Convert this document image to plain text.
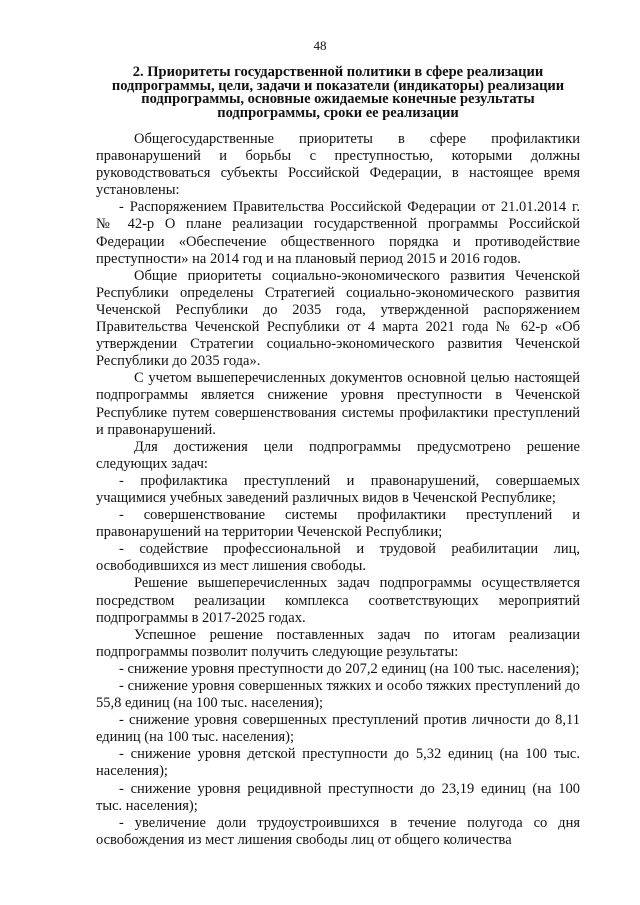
48
2. Приоритеты государственной политики в сфере реализации подпрограммы, цели, задачи и показатели (индикаторы) реализации подпрограммы, основные ожидаемые конечные результаты подпрограммы, сроки ее реализации

Общегосударственные приоритеты в сфере профилактики правонарушений и борьбы с преступностью, которыми должны руководствоваться субъекты Российской Федерации, в настоящее время установлены:

- Распоряжением Правительства Российской Федерации от 21.01.2014 г. № 42-р О плане реализации государственной программы Российской Федерации «Обеспечение общественного порядка и противодействие преступности» на 2014 год и на плановый период 2015 и 2016 годов.

Общие приоритеты социально-экономического развития Чеченской Республики определены Стратегией социально-экономического развития Чеченской Республики до 2035 года, утвержденной распоряжением Правительства Чеченской Республики от 4 марта 2021 года № 62-р «Об утверждении Стратегии социально-экономического развития Чеченской Республики до 2035 года».

С учетом вышеперечисленных документов основной целью настоящей подпрограммы является снижение уровня преступности в Чеченской Республике путем совершенствования системы профилактики преступлений и правонарушений.

Для достижения цели подпрограммы предусмотрено решение следующих задач:

- профилактика преступлений и правонарушений, совершаемых учащимися учебных заведений различных видов в Чеченской Республике;

- совершенствование системы профилактики преступлений и правонарушений на территории Чеченской Республики;

- содействие профессиональной и трудовой реабилитации лиц, освободившихся из мест лишения свободы.

Решение вышеперечисленных задач подпрограммы осуществляется посредством реализации комплекса соответствующих мероприятий подпрограммы в 2017-2025 годах.

Успешное решение поставленных задач по итогам реализации подпрограммы позволит получить следующие результаты:

- снижение уровня преступности до 207,2 единиц (на 100 тыс. населения);

- снижение уровня совершенных тяжких и особо тяжких преступлений до 55,8 единиц (на 100 тыс. населения);

- снижение уровня совершенных преступлений против личности до 8,11 единиц (на 100 тыс. населения);

- снижение уровня детской преступности до 5,32 единиц (на 100 тыс. населения);

- снижение уровня рецидивной преступности до 23,19 единиц (на 100 тыс. населения);

- увеличение доли трудоустроившихся в течение полугода со дня освобождения из мест лишения свободы лиц от общего количества
